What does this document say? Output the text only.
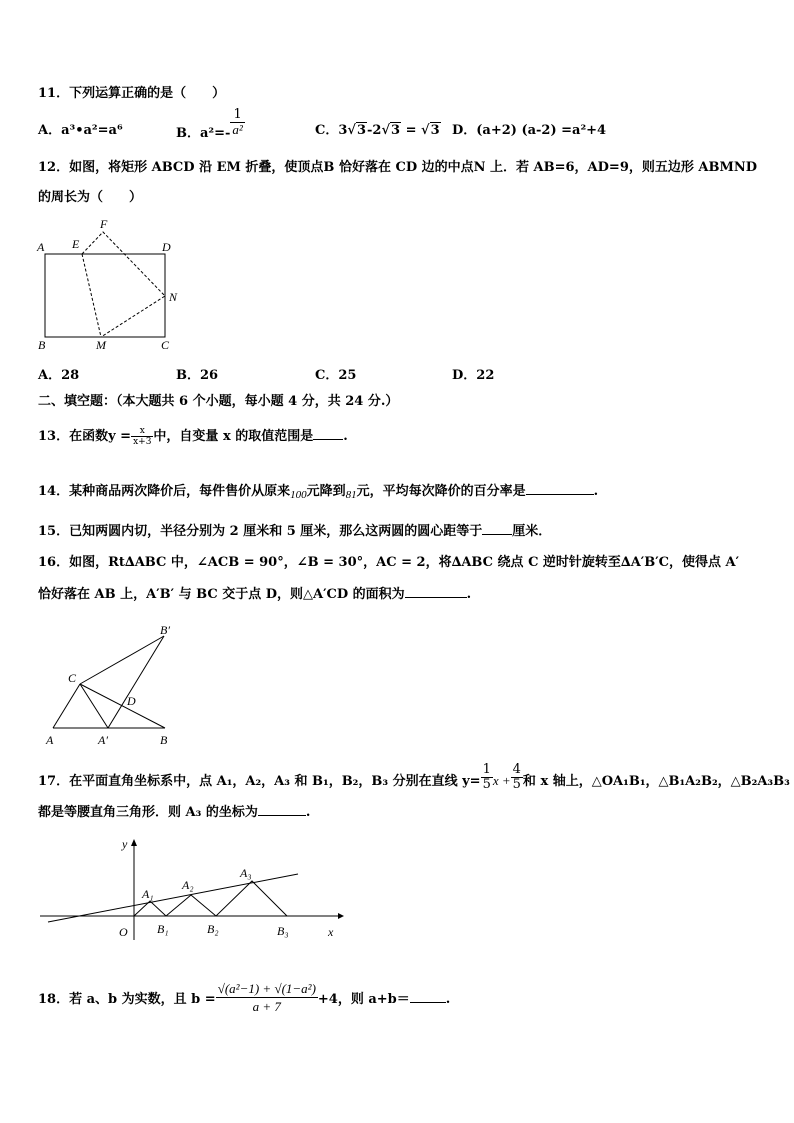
11．下列运算正确的是（　　）
A．a³•a²=a⁶	B．$a^2=- \frac{1}{\text{a²}}$	C．3√3-2√3 = √3 D．(a+2) (a-2) =a²+4
12．如图，将矩形 ABCD 沿 EM 折叠，使顶点B 恰好落在 CD 边的中点N 上．若 AB=6，AD=9，则五边形 ABMND
的周长为（　　）
A E
F
D
N
B	M	C
A．28	B．26	C．25	D．22
二、填空题：（本大题共 6 个小题，每小题 4 分，共 24 分.）
13．在函数$y = \frac{x}{x+3}$ 中，自变量 x 的取值范围是 .
14．某种商品两次降价后，每件售价从原来$_{100}$元降到$_{81}$元，平均每次降价的百分率是	.
15．已知两圆内切，半径分别为 2 厘米和 5 厘米，那么这两圆的圆心距等于 厘米．
16．如图，Rt∆ABC 中，∠ACB = 90°，∠B = 30°，AC = 2，将∆ABC 绕点 C 逆时针旋转至∆A′B′C，使得点 A′
恰好落在 AB 上，A′B′ 与 BC 交于点 D，则△A′CD 的面积为	.
B′
C
D
A	A′	B
17．在平面直角坐标系中，点 A₁，A₂，A₃ 和 B₁，B₂，B₃ 分别在直线 $y= \frac{1}{5}$ $x + \frac{4}{5}$ 和 x 轴上，△OA₁B₁，△B₁A₂B₂，△B₂A₃B₃
都是等腰直角三角形．则 A₃ 的坐标为	.
y
x
O
A₁
A₂
A₃
B₁	B₂	B₃
18．若 a、b 为实数，且 $b = \frac{\text{√(a²−1) + √(1−a²)}}{a + 7} +4$，则 a+b＝	.
